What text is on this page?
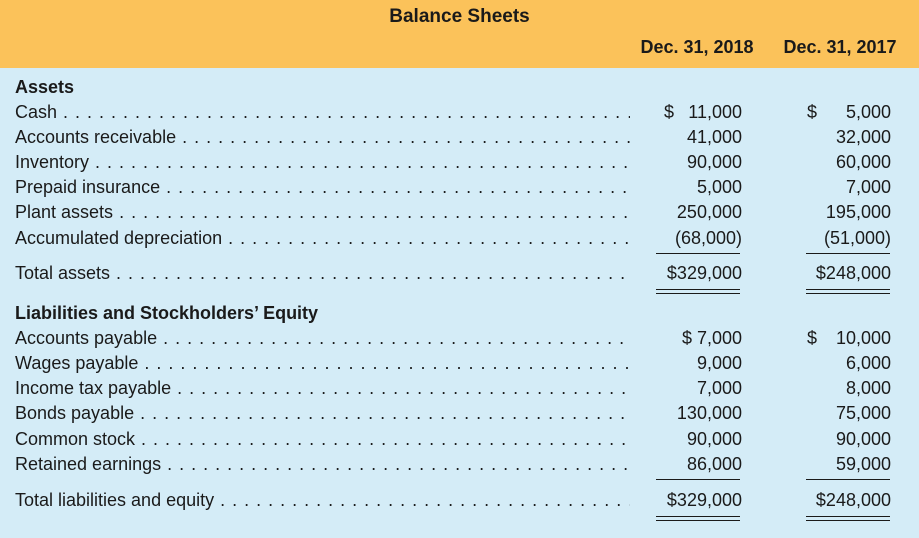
Balance Sheets
Dec. 31, 2018	Dec. 31, 2017
Assets
Cash . . .	$ 11,000	$ 5,000
Accounts receivable . . .	41,000	32,000
Inventory . . .	90,000	60,000
Prepaid insurance . . .	5,000	7,000
Plant assets . . .	250,000	195,000
Accumulated depreciation . . .	(68,000)	(51,000)
Total assets . . .	$329,000	$248,000
Liabilities and Stockholders’ Equity
Accounts payable . . .	$ 7,000	$ 10,000
Wages payable . . .	9,000	6,000
Income tax payable . . .	7,000	8,000
Bonds payable . . .	130,000	75,000
Common stock . . .	90,000	90,000
Retained earnings . . .	86,000	59,000
Total liabilities and equity . . .	$329,000	$248,000
